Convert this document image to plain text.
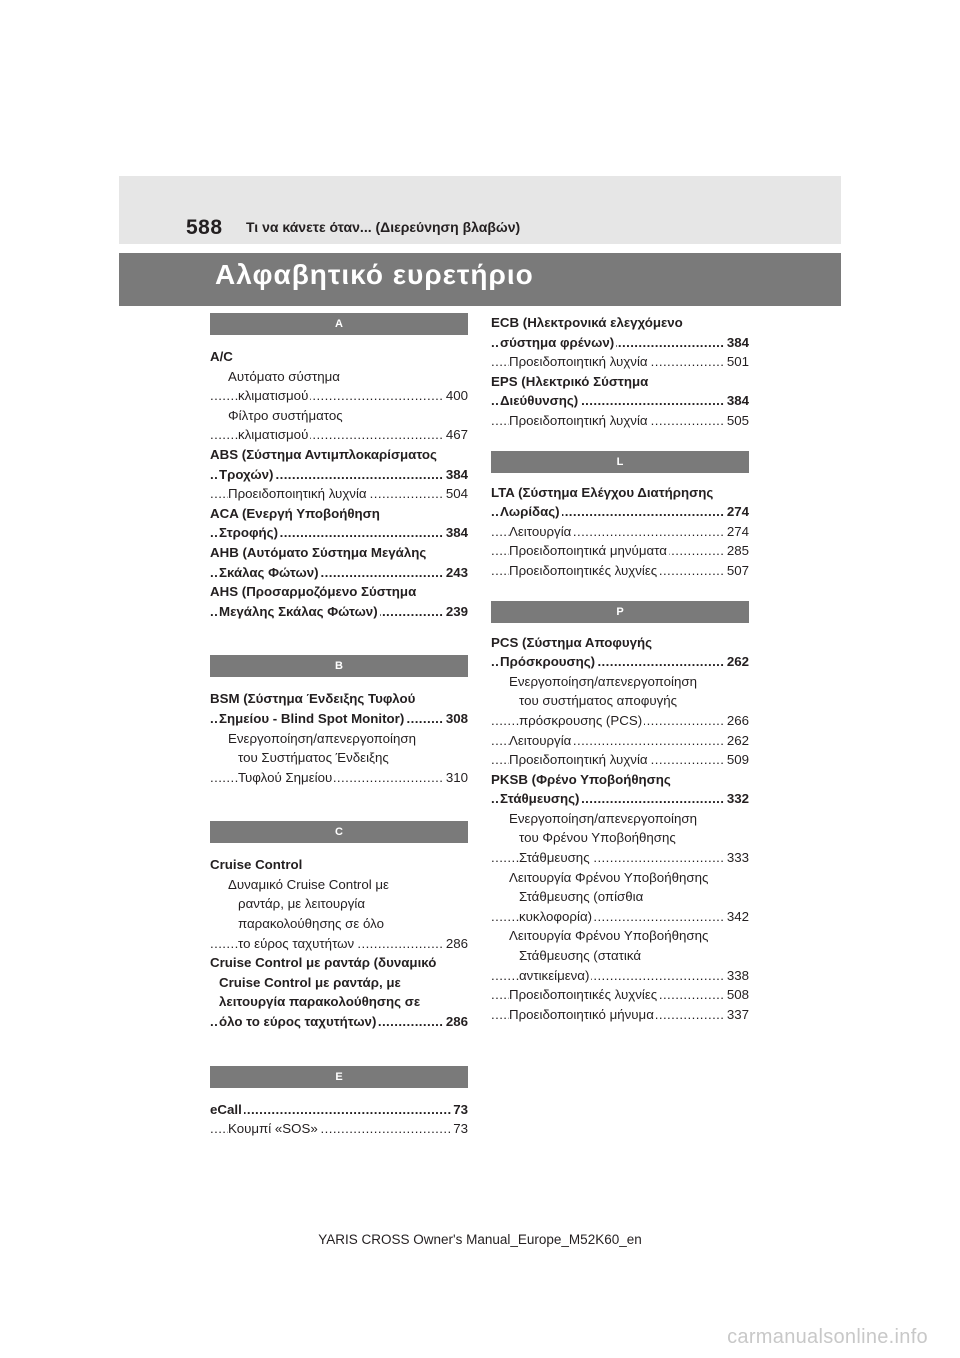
588 Τι να κάνετε όταν... (Διερεύνηση βλαβών)
Αλφαβητικό ευρετήριο
A
A/C
Αυτόματο σύστημα
κλιματισμού	400
.....
Φίλτρο συστήματος
κλιματισμού	467
.....
ABS (Σύστημα Αντιμπλοκαρίσματος
Τροχών)	384
.....
Προειδοποιητική λυχνία	504
.....
ACA (Ενεργή Υποβοήθηση
Στροφής)	384
.....
AHB (Αυτόματο Σύστημα Μεγάλης
Σκάλας Φώτων)	243
.....
AHS (Προσαρμοζόμενο Σύστημα
Μεγάλης Σκάλας Φώτων)	239
.....
B
BSM (Σύστημα Ένδειξης Τυφλού
Σημείου - Blind Spot Monitor)	308
.....
Ενεργοποίηση/απενεργοποίηση
του Συστήματος Ένδειξης
Τυφλού Σημείου	310
.....
C
Cruise Control
Δυναμικό Cruise Control με
ραντάρ, με λειτουργία
παρακολούθησης σε όλο
το εύρος ταχυτήτων	286
.....
Cruise Control με ραντάρ (δυναμικό
Cruise Control με ραντάρ, με
λειτουργία παρακολούθησης σε
όλο το εύρος ταχυτήτων)	286
.....
E
eCall	73
.....
Κουμπί «SOS»	73
.....
ECB (Ηλεκτρονικά ελεγχόμενο
σύστημα φρένων)	384
.....
Προειδοποιητική λυχνία	501
.....
EPS (Ηλεκτρικό Σύστημα
Διεύθυνσης)	384
.....
Προειδοποιητική λυχνία	505
.....
L
LTA (Σύστημα Ελέγχου Διατήρησης
Λωρίδας)	274
.....
Λειτουργία	274
.....
Προειδοποιητικά μηνύματα	285
.....
Προειδοποιητικές λυχνίες	507
.....
P
PCS (Σύστημα Αποφυγής
Πρόσκρουσης)	262
.....
Ενεργοποίηση/απενεργοποίηση
του συστήματος αποφυγής
πρόσκρουσης (PCS)	266
.....
Λειτουργία	262
.....
Προειδοποιητική λυχνία	509
.....
PKSB (Φρένο Υποβοήθησης
Στάθμευσης)	332
.....
Ενεργοποίηση/απενεργοποίηση
του Φρένου Υποβοήθησης
Στάθμευσης	333
.....
Λειτουργία Φρένου Υποβοήθησης
Στάθμευσης (οπίσθια
κυκλοφορία)	342
.....
Λειτουργία Φρένου Υποβοήθησης
Στάθμευσης (στατικά
αντικείμενα)	338
.....
Προειδοποιητικές λυχνίες	508
.....
Προειδοποιητικό μήνυμα	337
.....
YARIS CROSS Owner's Manual_Europe_M52K60_en
carmanualsonline.info
